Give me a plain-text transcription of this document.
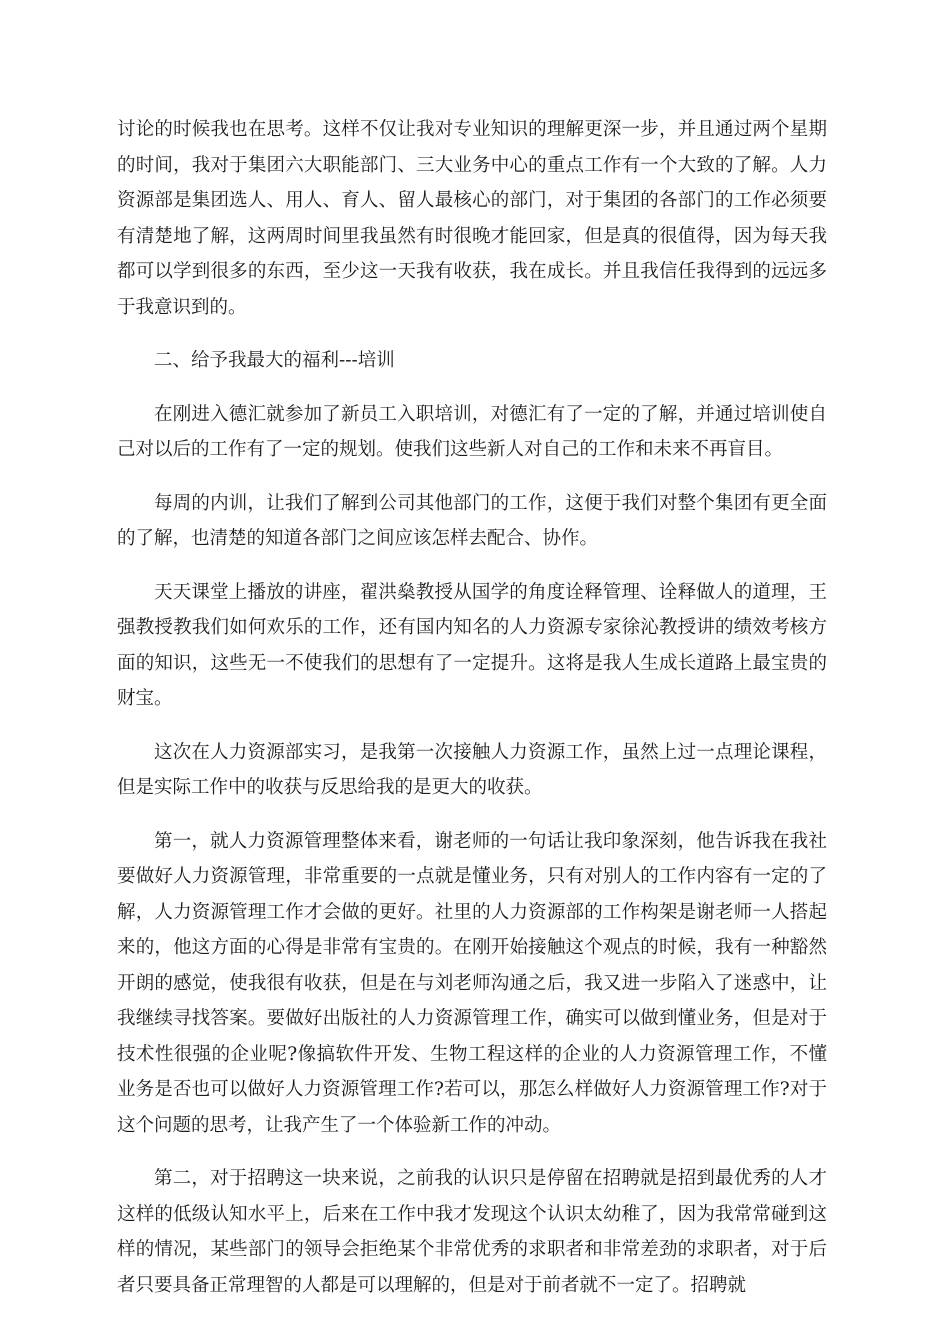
讨论的时候我也在思考。这样不仅让我对专业知识的理解更深一步，并且通过两个星期的时间，我对于集团六大职能部门、三大业务中心的重点工作有一个大致的了解。人力资源部是集团选人、用人、育人、留人最核心的部门，对于集团的各部门的工作必须要有清楚地了解，这两周时间里我虽然有时很晚才能回家，但是真的很值得，因为每天我都可以学到很多的东西，至少这一天我有收获，我在成长。并且我信任我得到的远远多于我意识到的。

二、给予我最大的福利---培训

在刚进入德汇就参加了新员工入职培训，对德汇有了一定的了解，并通过培训使自己对以后的工作有了一定的规划。使我们这些新人对自己的工作和未来不再盲目。

每周的内训，让我们了解到公司其他部门的工作，这便于我们对整个集团有更全面的了解，也清楚的知道各部门之间应该怎样去配合、协作。

天天课堂上播放的讲座，翟洪燊教授从国学的角度诠释管理、诠释做人的道理，王强教授教我们如何欢乐的工作，还有国内知名的人力资源专家徐沁教授讲的绩效考核方面的知识，这些无一不使我们的思想有了一定提升。这将是我人生成长道路上最宝贵的财宝。

这次在人力资源部实习，是我第一次接触人力资源工作，虽然上过一点理论课程，但是实际工作中的收获与反思给我的是更大的收获。

第一，就人力资源管理整体来看，谢老师的一句话让我印象深刻，他告诉我在我社要做好人力资源管理，非常重要的一点就是懂业务，只有对别人的工作内容有一定的了解，人力资源管理工作才会做的更好。社里的人力资源部的工作构架是谢老师一人搭起来的，他这方面的心得是非常有宝贵的。在刚开始接触这个观点的时候，我有一种豁然开朗的感觉，使我很有收获，但是在与刘老师沟通之后，我又进一步陷入了迷惑中，让我继续寻找答案。要做好出版社的人力资源管理工作，确实可以做到懂业务，但是对于技术性很强的企业呢?像搞软件开发、生物工程这样的企业的人力资源管理工作，不懂业务是否也可以做好人力资源管理工作?若可以，那怎么样做好人力资源管理工作?对于这个问题的思考，让我产生了一个体验新工作的冲动。

第二，对于招聘这一块来说，之前我的认识只是停留在招聘就是招到最优秀的人才这样的低级认知水平上，后来在工作中我才发现这个认识太幼稚了，因为我常常碰到这样的情况，某些部门的领导会拒绝某个非常优秀的求职者和非常差劲的求职者，对于后者只要具备正常理智的人都是可以理解的，但是对于前者就不一定了。招聘就
